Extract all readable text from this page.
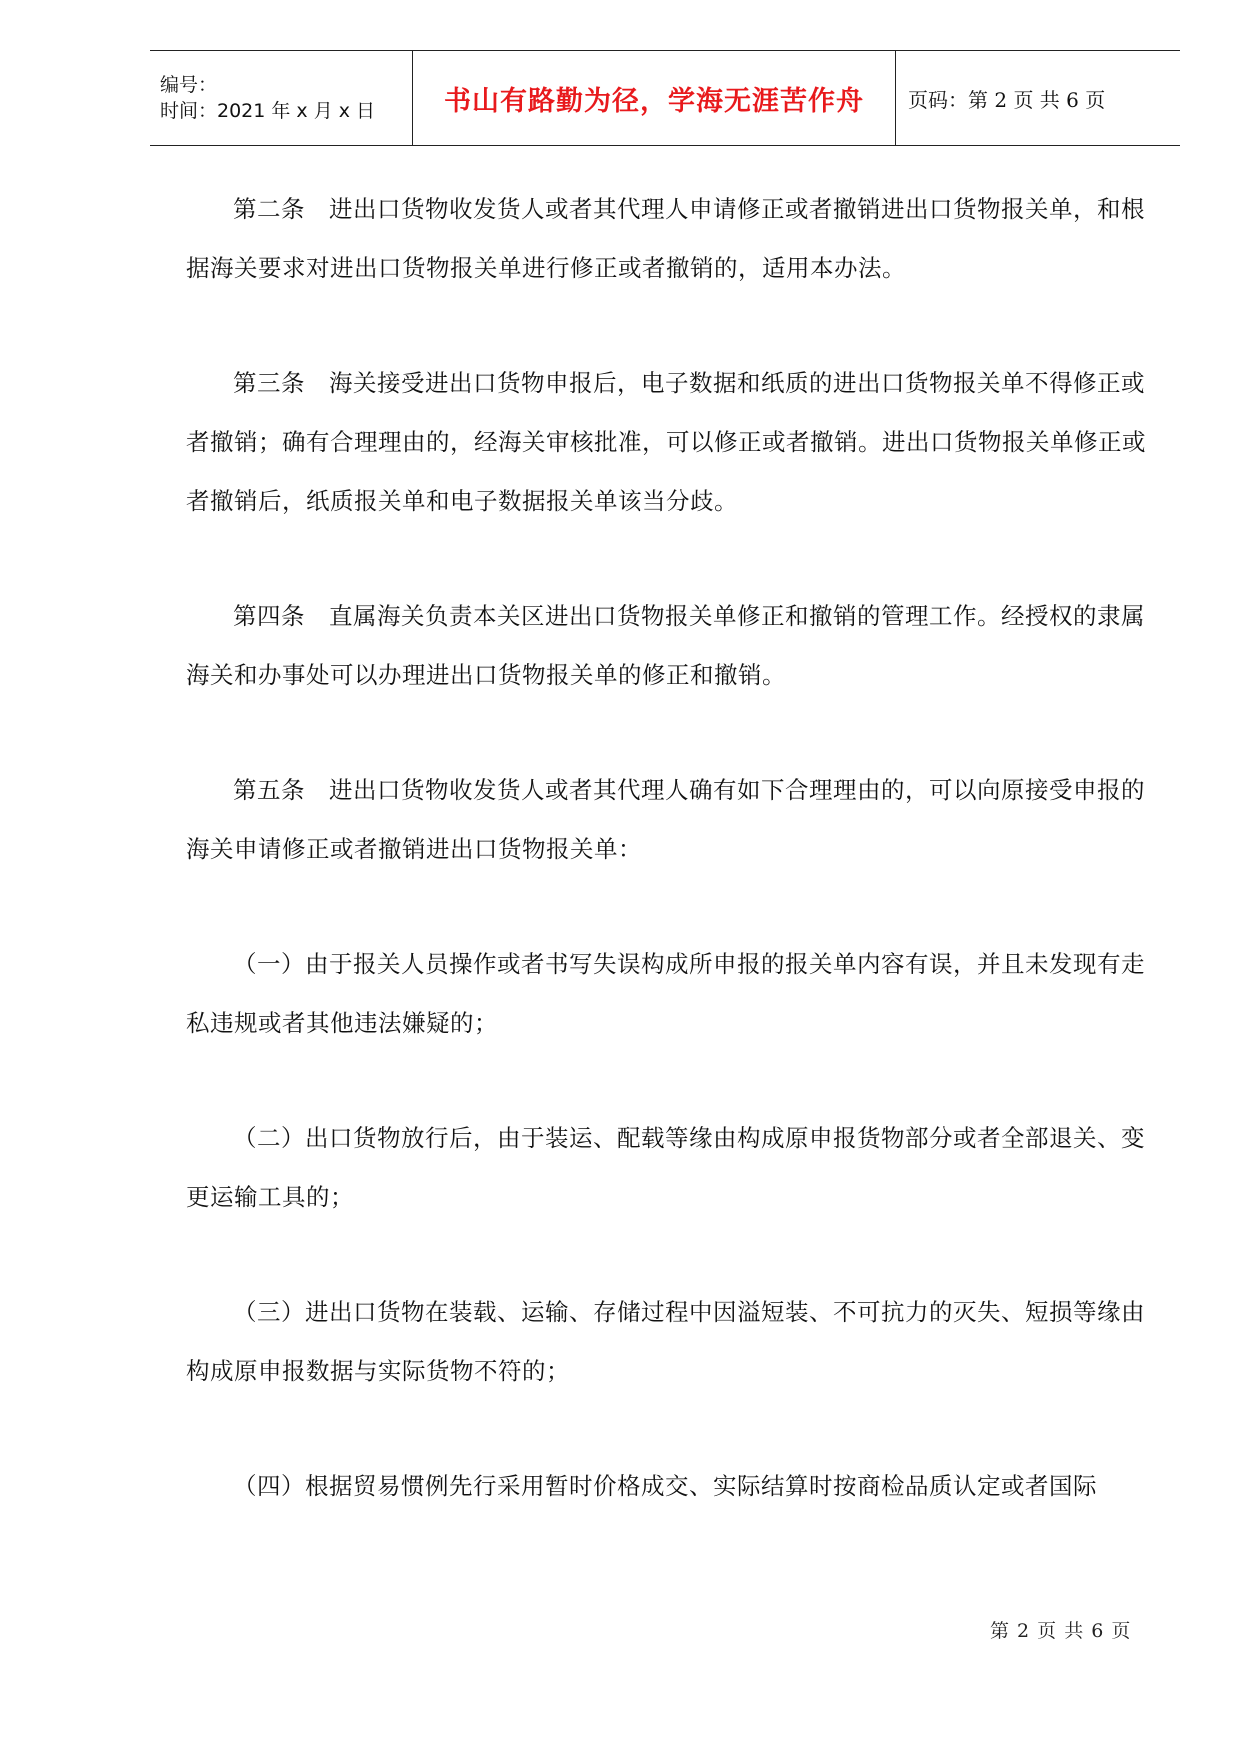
编号：
时间：2021 年 x 月 x 日	书山有路勤为径，学海无涯苦作舟	页码：第 2 页 共 6 页

第二条　进出口货物收发货人或者其代理人申请修正或者撤销进出口货物报关单，和根据海关要求对进出口货物报关单进行修正或者撤销的，适用本办法。

第三条　海关接受进出口货物申报后，电子数据和纸质的进出口货物报关单不得修正或者撤销；确有合理理由的，经海关审核批准，可以修正或者撤销。进出口货物报关单修正或者撤销后，纸质报关单和电子数据报关单该当分歧。

第四条　直属海关负责本关区进出口货物报关单修正和撤销的管理工作。经授权的隶属海关和办事处可以办理进出口货物报关单的修正和撤销。

第五条　进出口货物收发货人或者其代理人确有如下合理理由的，可以向原接受申报的海关申请修正或者撤销进出口货物报关单：

（一）由于报关人员操作或者书写失误构成所申报的报关单内容有误，并且未发现有走私违规或者其他违法嫌疑的；

（二）出口货物放行后，由于装运、配载等缘由构成原申报货物部分或者全部退关、变更运输工具的；

（三）进出口货物在装载、运输、存储过程中因溢短装、不可抗力的灭失、短损等缘由构成原申报数据与实际货物不符的；

（四）根据贸易惯例先行采用暂时价格成交、实际结算时按商检品质认定或者国际

第 2 页 共 6 页
